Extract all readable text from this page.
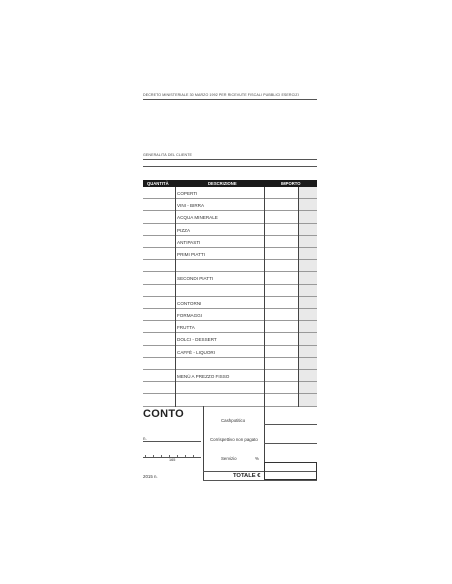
DECRETO MINISTERIALE 30 MARZO 1992 PER RICEVUTE FISCALI PUBBLICI ESERCIZI
GENERALITÀ DEL CLIENTE
QUANTITÀ	DESCRIZIONE	IMPORTO
COPERTI
VINI - BIRRA
ACQUA MINERALE
PIZZA
ANTIPASTI
PRIMI PIATTI
SECONDI PIATTI
CONTORNI
FORMAGGI
FRUTTA
DOLCI - DESSERT
CAFFÈ - LIQUORI
MENÙ A PREZZO FISSO
CONTO
n.
165
2015 n.
Cashpotitico
Corrispettivo non pagato
Servizio	%
TOTALE €
